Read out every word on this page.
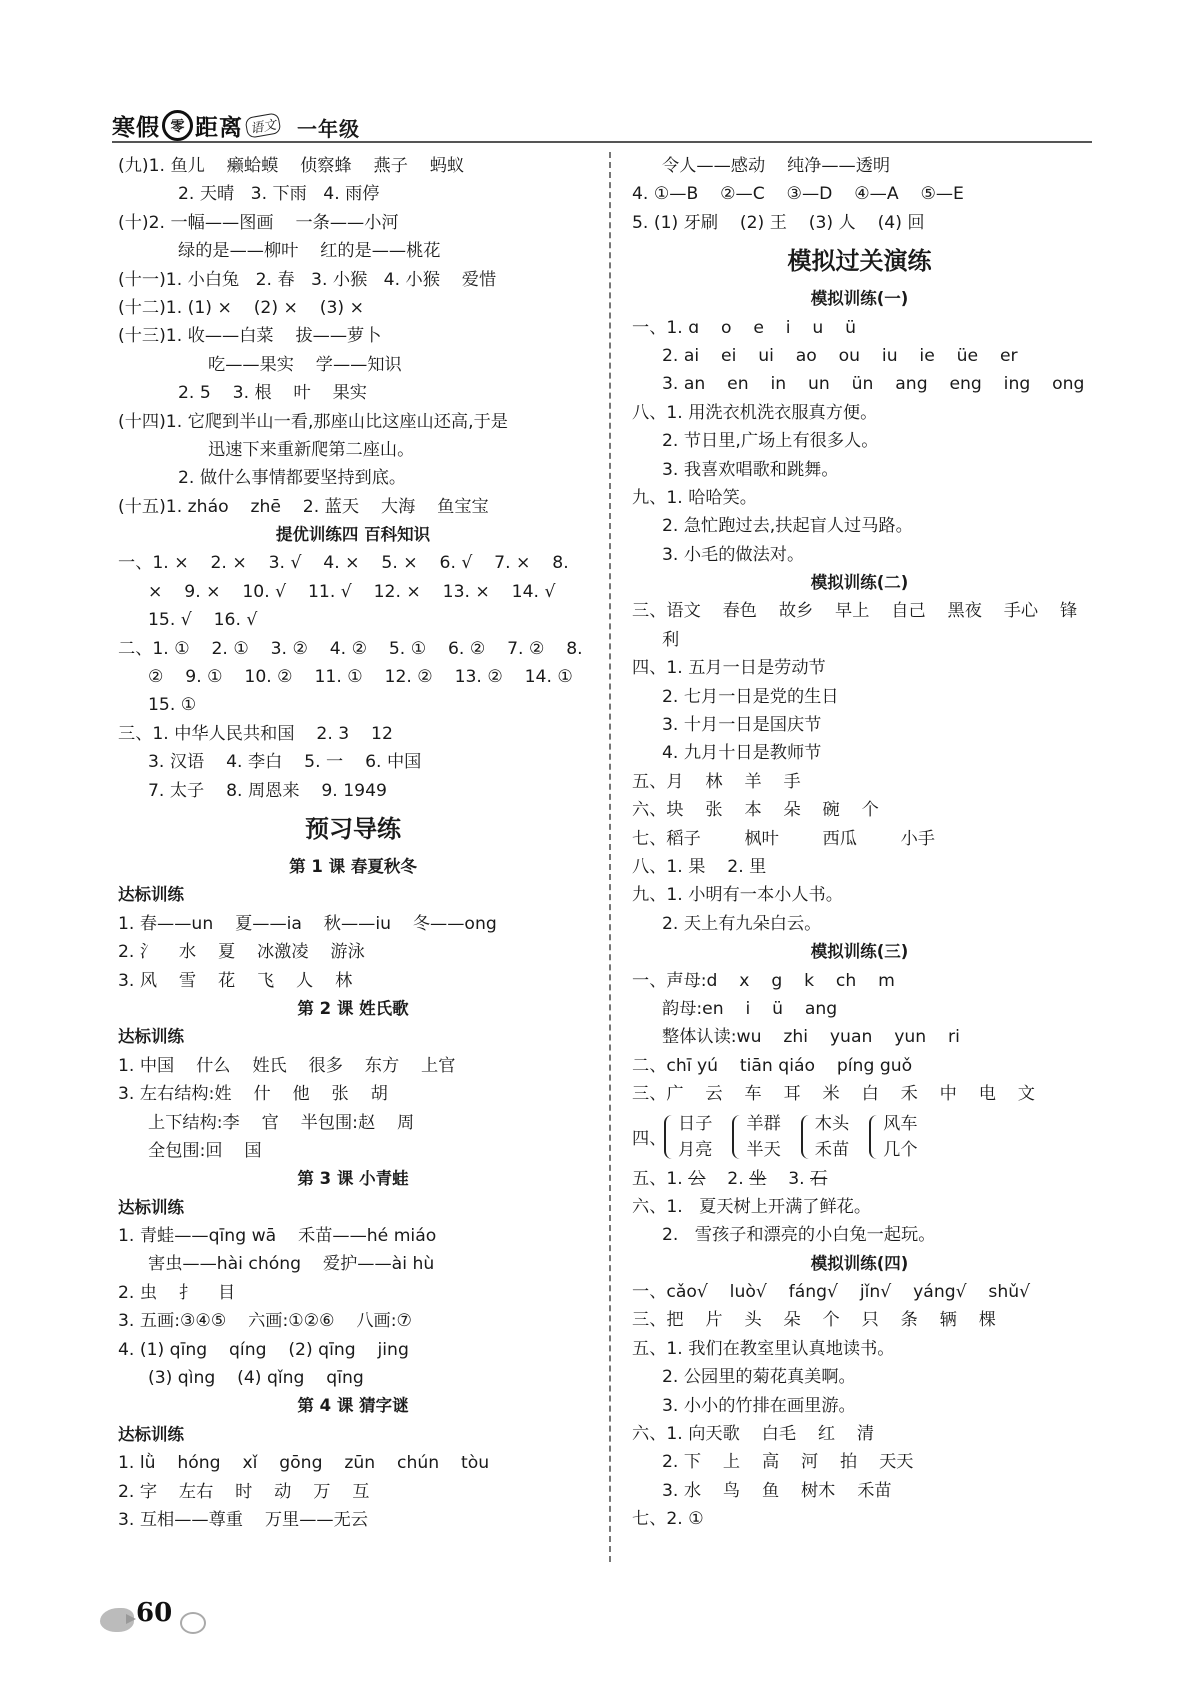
寒假 零 距离 语文 一年级
(九)1. 鱼儿    癞蛤蟆    侦察蜂    燕子    蚂蚁
2. 天晴   3. 下雨   4. 雨停
(十)2. 一幅——图画    一条——小河
绿的是——柳叶    红的是——桃花
(十一)1. 小白兔   2. 春   3. 小猴   4. 小猴    爱惜
(十二)1. (1) ×    (2) ×    (3) ×
(十三)1. 收——白菜    拔——萝卜
吃——果实    学——知识
2. 5    3. 根    叶    果实
(十四)1. 它爬到半山一看,那座山比这座山还高,于是
迅速下来重新爬第二座山。
2. 做什么事情都要坚持到底。
(十五)1. zháo    zhē    2. 蓝天    大海    鱼宝宝
提优训练四 百科知识
一、1. ×    2. ×    3. √    4. ×    5. ×    6. √    7. ×    8.
×    9. ×    10. √    11. √    12. ×    13. ×    14. √
15. √    16. √
二、1. ①    2. ①    3. ②    4. ②    5. ①    6. ②    7. ②    8.
②    9. ①    10. ②    11. ①    12. ②    13. ②    14. ①
15. ①
三、1. 中华人民共和国    2. 3    12
3. 汉语    4. 李白    5. 一    6. 中国
7. 太子    8. 周恩来    9. 1949
预习导练
第 1 课 春夏秋冬
达标训练
1. 春——un    夏——ia    秋——iu    冬——ong
2. 氵    水    夏    冰激凌    游泳
3. 风    雪    花    飞    人    林
第 2 课 姓氏歌
达标训练
1. 中国    什么    姓氏    很多    东方    上官
3. 左右结构:姓    什    他    张    胡
上下结构:李    官    半包围:赵    周
全包围:回    国
第 3 课 小青蛙
达标训练
1. 青蛙——qīng wā    禾苗——hé miáo
害虫——hài chóng    爱护——ài hù
2. 虫    扌    目
3. 五画:③④⑤    六画:①②⑥    八画:⑦
4. (1) qīng    qíng    (2) qīng    jing
(3) qìng    (4) qǐng    qīng
第 4 课 猜字谜
达标训练
1. lǜ    hóng    xǐ    gōng    zūn    chún    tòu
2. 字    左右    时    动    万    互
3. 互相——尊重    万里——无云
令人——感动    纯净——透明
4. ①—B    ②—C    ③—D    ④—A    ⑤—E
5. (1) 牙刷    (2) 王    (3) 人    (4) 回
模拟过关演练
模拟训练(一)
一、1. ɑ    o    e    i    u    ü
2. ai    ei    ui    ao    ou    iu    ie    üe    er
3. an    en    in    un    ün    ang    eng    ing    ong
八、1. 用洗衣机洗衣服真方便。
2. 节日里,广场上有很多人。
3. 我喜欢唱歌和跳舞。
九、1. 哈哈笑。
2. 急忙跑过去,扶起盲人过马路。
3. 小毛的做法对。
模拟训练(二)
三、语文    春色    故乡    早上    自己    黑夜    手心    锋
利
四、1. 五月一日是劳动节
2. 七月一日是党的生日
3. 十月一日是国庆节
4. 九月十日是教师节
五、月    林    羊    手
六、块    张    本    朵    碗    个
七、稻子        枫叶        西瓜        小手
八、1. 果    2. 里
九、1. 小明有一本小人书。
2. 天上有九朵白云。
模拟训练(三)
一、声母:d    x    g    k    ch    m
韵母:en    i    ü    ang
整体认读:wu    zhi    yuan    yun    ri
二、chī yú    tiān qiáo    píng guǒ
三、广    云    车    耳    米    白    禾    中    电    文
四、
日子
月亮
羊群
半天
木头
禾苗
风车
几个
五、1. 公    2. 坐    3. 石
六、1.   夏天树上开满了鲜花。
2.   雪孩子和漂亮的小白兔一起玩。
模拟训练(四)
一、cǎo√    luò√    fáng√    jǐn√    yáng√    shǔ√
三、把    片    头    朵    个    只    条    辆    棵
五、1. 我们在教室里认真地读书。
2. 公园里的菊花真美啊。
3. 小小的竹排在画里游。
六、1. 向天歌    白毛    红    清
2. 下    上    高    河    拍    天天
3. 水    鸟    鱼    树木    禾苗
七、2. ①
60
